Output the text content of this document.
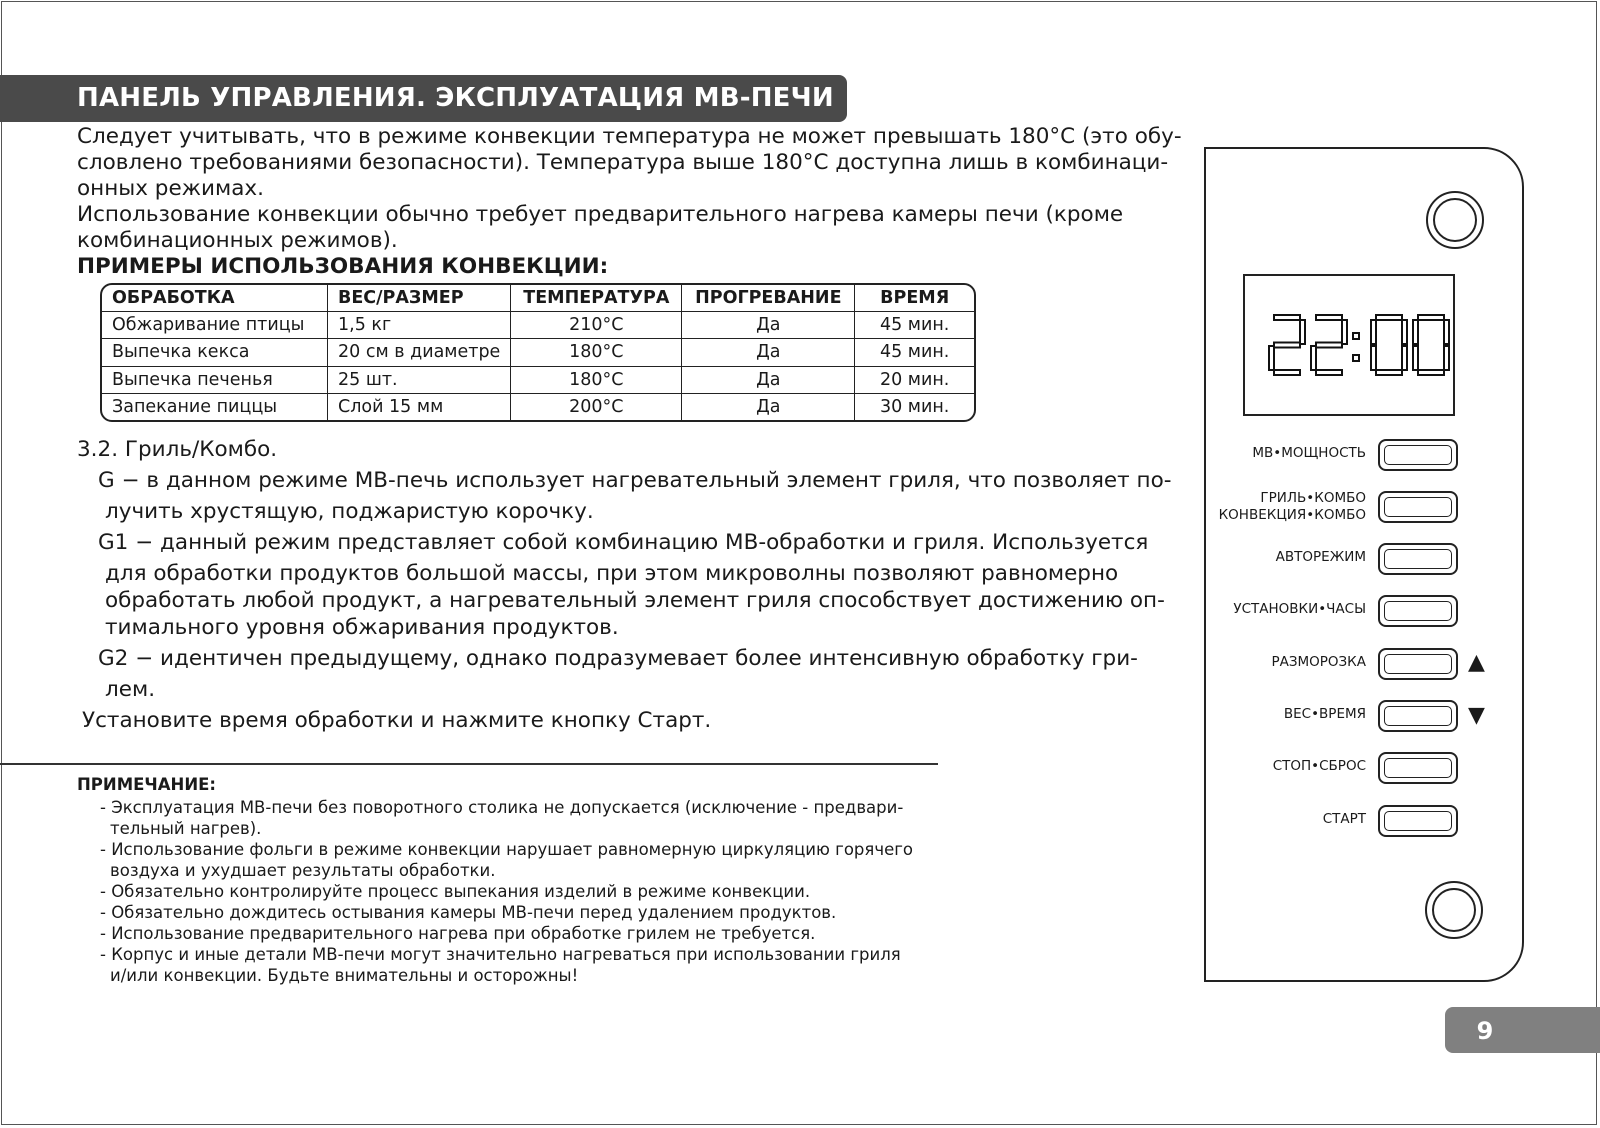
ПАНЕЛЬ УПРАВЛЕНИЯ. ЭКСПЛУАТАЦИЯ МВ-ПЕЧИ
Следует учитывать, что в режиме конвекции температура не может превышать 180°С (это обу-
словлено требованиями безопасности). Температура выше 180°С доступна лишь в комбинаци-
онных режимах.
Использование конвекции обычно требует предварительного нагрева камеры печи (кроме
комбинационных режимов).
ПРИМЕРЫ ИСПОЛЬЗОВАНИЯ КОНВЕКЦИИ:
ОБРАБОТКА	ВЕС/РАЗМЕР	ТЕМПЕРАТУРА	ПРОГРЕВАНИЕ	ВРЕМЯ
Обжаривание птицы	1,5 кг	210°С	Да	45 мин.
Выпечка кекса	20 см в диаметре	180°С	Да	45 мин.
Выпечка печенья	25 шт.	180°С	Да	20 мин.
Запекание пиццы	Слой 15 мм	200°С	Да	30 мин.
3.2. Гриль/Комбо.
G − в данном режиме МВ-печь использует нагревательный элемент гриля, что позволяет по-
лучить хрустящую, поджаристую корочку.
G1 − данный режим представляет собой комбинацию МВ-обработки и гриля. Используется
для обработки продуктов большой массы, при этом микроволны позволяют равномерно
обработать любой продукт, а нагревательный элемент гриля способствует достижению оп-
тимального уровня обжаривания продуктов.
G2 − идентичен предыдущему, однако подразумевает более интенсивную обработку гри-
лем.
Установите время обработки и нажмите кнопку Старт.
ПРИМЕЧАНИЕ:
- Эксплуатация МВ-печи без поворотного столика не допускается (исключение - предвари-
тельный нагрев).
- Использование фольги в режиме конвекции нарушает равномерную циркуляцию горячего
воздуха и ухудшает результаты обработки.
- Обязательно контролируйте процесс выпекания изделий в режиме конвекции.
- Обязательно дождитесь остывания камеры МВ-печи перед удалением продуктов.
- Использование предварительного нагрева при обработке грилем не требуется.
- Корпус и иные детали МВ-печи могут значительно нагреваться при использовании гриля
и/или конвекции. Будьте внимательны и осторожны!
МВ•МОЩНОСТЬ
ГРИЛЬ•КОМБО
КОНВЕКЦИЯ•КОМБО
АВТОРЕЖИМ
УСТАНОВКИ•ЧАСЫ
РАЗМОРОЗКА	▲
ВЕС•ВРЕМЯ	▼
СТОП•СБРОС
СТАРТ
9
